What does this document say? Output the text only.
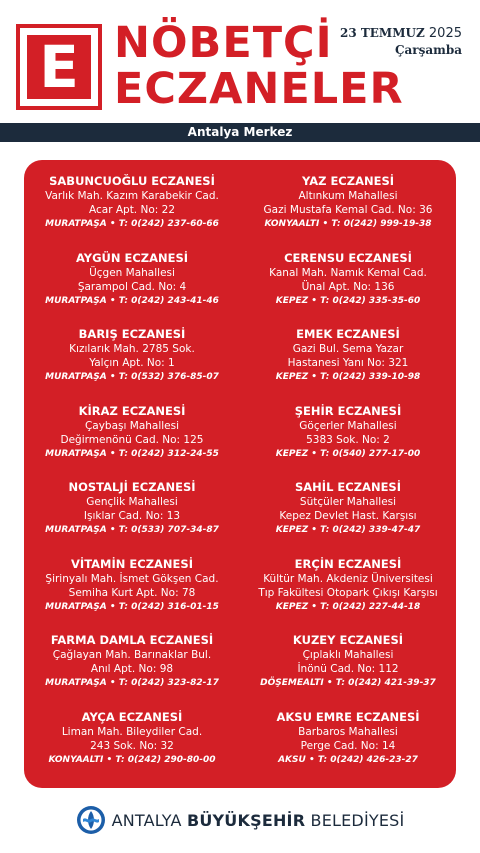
E NÖBETÇİ
ECZANELER
23 TEMMUZ 2025
Çarşamba
Antalya Merkez
SABUNCUOĞLU ECZANESİ
Varlık Mah. Kazım Karabekir Cad.
Acar Apt. No: 22
MURATPAŞA • T: 0(242) 237-60-66
YAZ ECZANESİ
Altınkum Mahallesi
Gazi Mustafa Kemal Cad. No: 36
KONYAALTI • T: 0(242) 999-19-38
AYGÜN ECZANESİ
Üçgen Mahallesi
Şarampol Cad. No: 4
MURATPAŞA • T: 0(242) 243-41-46
CERENSU ECZANESİ
Kanal Mah. Namık Kemal Cad.
Ünal Apt. No: 136
KEPEZ • T: 0(242) 335-35-60
BARIŞ ECZANESİ
Kızılarık Mah. 2785 Sok.
Yalçın Apt. No: 1
MURATPAŞA • T: 0(532) 376-85-07
EMEK ECZANESİ
Gazi Bul. Sema Yazar
Hastanesi Yanı No: 321
KEPEZ • T: 0(242) 339-10-98
KİRAZ ECZANESİ
Çaybaşı Mahallesi
Değirmenönü Cad. No: 125
MURATPAŞA • T: 0(242) 312-24-55
ŞEHİR ECZANESİ
Göçerler Mahallesi
5383 Sok. No: 2
KEPEZ • T: 0(540) 277-17-00
NOSTALJİ ECZANESİ
Gençlik Mahallesi
Işıklar Cad. No: 13
MURATPAŞA • T: 0(533) 707-34-87
SAHİL ECZANESİ
Sütçüler Mahallesi
Kepez Devlet Hast. Karşısı
KEPEZ • T: 0(242) 339-47-47
VİTAMİN ECZANESİ
Şirinyalı Mah. İsmet Gökşen Cad.
Semiha Kurt Apt. No: 78
MURATPAŞA • T: 0(242) 316-01-15
ERÇİN ECZANESİ
Kültür Mah. Akdeniz Üniversitesi
Tıp Fakültesi Otopark Çıkışı Karşısı
KEPEZ • T: 0(242) 227-44-18
FARMA DAMLA ECZANESİ
Çağlayan Mah. Barınaklar Bul.
Anıl Apt. No: 98
MURATPAŞA • T: 0(242) 323-82-17
KUZEY ECZANESİ
Çıplaklı Mahallesi
İnönü Cad. No: 112
DÖŞEMEALTI • T: 0(242) 421-39-37
AYÇA ECZANESİ
Liman Mah. Bileydiler Cad.
243 Sok. No: 32
KONYAALTI • T: 0(242) 290-80-00
AKSU EMRE ECZANESİ
Barbaros Mahallesi
Perge Cad. No: 14
AKSU • T: 0(242) 426-23-27
ANTALYA BÜYÜKŞEHİR BELEDİYESİ
